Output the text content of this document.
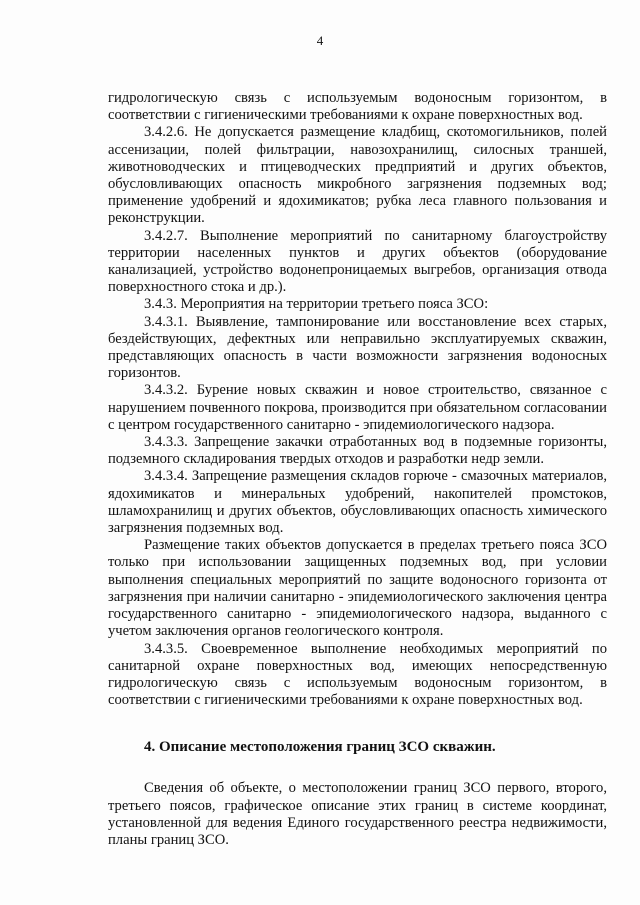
4

гидрологическую связь с используемым водоносным горизонтом, в соответствии с гигиеническими требованиями к охране поверхностных вод.

3.4.2.6. Не допускается размещение кладбищ, скотомогильников, полей ассенизации, полей фильтрации, навозохранилищ, силосных траншей, животноводческих и птицеводческих предприятий и других объектов, обусловливающих опасность микробного загрязнения подземных вод; применение удобрений и ядохимикатов; рубка леса главного пользования и реконструкции.

3.4.2.7. Выполнение мероприятий по санитарному благоустройству территории населенных пунктов и других объектов (оборудование канализацией, устройство водонепроницаемых выгребов, организация отвода поверхностного стока и др.).

3.4.3. Мероприятия на территории третьего пояса ЗСО:

3.4.3.1. Выявление, тампонирование или восстановление всех старых, бездействующих, дефектных или неправильно эксплуатируемых скважин, представляющих опасность в части возможности загрязнения водоносных горизонтов.

3.4.3.2. Бурение новых скважин и новое строительство, связанное с нарушением почвенного покрова, производится при обязательном согласовании с центром государственного санитарно - эпидемиологического надзора.

3.4.3.3. Запрещение закачки отработанных вод в подземные горизонты, подземного складирования твердых отходов и разработки недр земли.

3.4.3.4. Запрещение размещения складов горюче - смазочных материалов, ядохимикатов и минеральных удобрений, накопителей промстоков, шламохранилищ и других объектов, обусловливающих опасность химического загрязнения подземных вод.

Размещение таких объектов допускается в пределах третьего пояса ЗСО только при использовании защищенных подземных вод, при условии выполнения специальных мероприятий по защите водоносного горизонта от загрязнения при наличии санитарно - эпидемиологического заключения центра государственного санитарно - эпидемиологического надзора, выданного с учетом заключения органов геологического контроля.

3.4.3.5. Своевременное выполнение необходимых мероприятий по санитарной охране поверхностных вод, имеющих непосредственную гидрологическую связь с используемым водоносным горизонтом, в соответствии с гигиеническими требованиями к охране поверхностных вод.

4. Описание местоположения границ ЗСО скважин.

Сведения об объекте, о местоположении границ ЗСО первого, второго, третьего поясов, графическое описание этих границ в системе координат, установленной для ведения Единого государственного реестра недвижимости, планы границ ЗСО.
